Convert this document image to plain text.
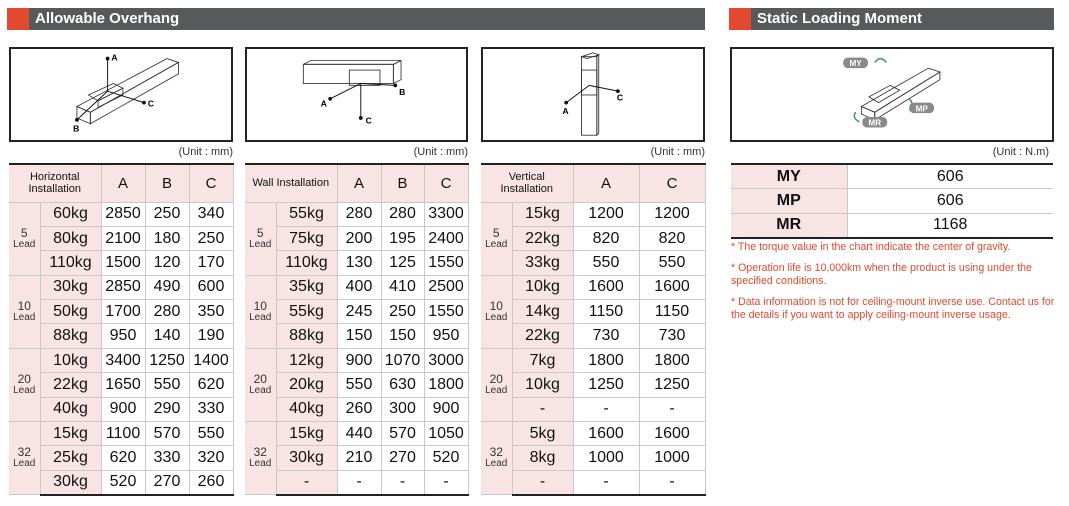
Allowable Overhang	Static Loading Moment
A
C
B
B
A
C
C
A
MY
MP
MR
(Unit : mm)	(Unit : mm)	(Unit : mm)	(Unit : N.m)
Horizontal Installation		A	B	C
5
Lead	60kg	2850	250	340
	80kg	2100	180	250
	110kg	1500	120	170
10
Lead	30kg	2850	490	600
	50kg	1700	280	350
	88kg	950	140	190
20
Lead	10kg	3400	1250	1400
	22kg	1650	550	620
	40kg	900	290	330
32
Lead	15kg	1100	570	550
	25kg	620	330	320
	30kg	520	270	260
Wall Installation		A	B	C
5
Lead	55kg	280	280	3300
	75kg	200	195	2400
	110kg	130	125	1550
10
Lead	35kg	400	410	2500
	55kg	245	250	1550
	88kg	150	150	950
20
Lead	12kg	900	1070	3000
	20kg	550	630	1800
	40kg	260	300	900
32
Lead	15kg	440	570	1050
	30kg	210	270	520
	-	-	-	-
Vertical Installation		A	C
5
Lead	15kg	1200	1200
	22kg	820	820
	33kg	550	550
10
Lead	10kg	1600	1600
	14kg	1150	1150
	22kg	730	730
20
Lead	7kg	1800	1800
	10kg	1250	1250
	-	-	-
32
Lead	5kg	1600	1600
	8kg	1000	1000
	-	-	-
MY	606
MP	606
MR	1168

* The torque value in the chart indicate the center of gravity.

* Operation life is 10,000km when the product is using under the specified conditions.

* Data information is not for ceiling-mount inverse use. Contact us for the details if you want to apply ceiling-mount inverse usage.
